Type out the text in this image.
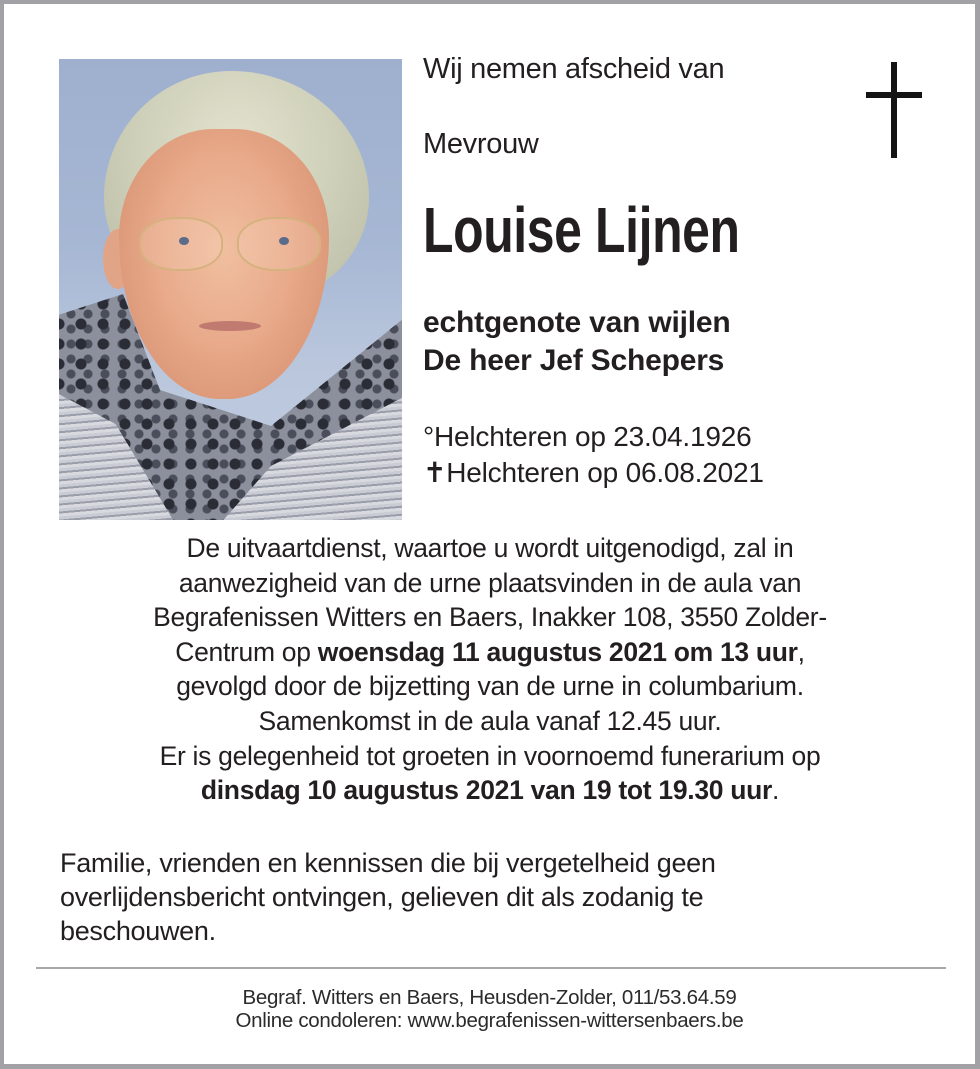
Wij nemen afscheid van
Mevrouw
Louise Lijnen
echtgenote van wijlen
De heer Jef Schepers
°Helchteren op 23.04.1926
✝Helchteren op 06.08.2021
De uitvaartdienst, waartoe u wordt uitgenodigd, zal in
aanwezigheid van de urne plaatsvinden in de aula van
Begrafenissen Witters en Baers, Inakker 108, 3550 Zolder-
Centrum op woensdag 11 augustus 2021 om 13 uur,
gevolgd door de bijzetting van de urne in columbarium.
Samenkomst in de aula vanaf 12.45 uur.
Er is gelegenheid tot groeten in voornoemd funerarium op
dinsdag 10 augustus 2021 van 19 tot 19.30 uur.
Familie, vrienden en kennissen die bij vergetelheid geen
overlijdensbericht ontvingen, gelieven dit als zodanig te
beschouwen.
Begraf. Witters en Baers, Heusden-Zolder, 011/53.64.59
Online condoleren: www.begrafenissen-wittersenbaers.be
